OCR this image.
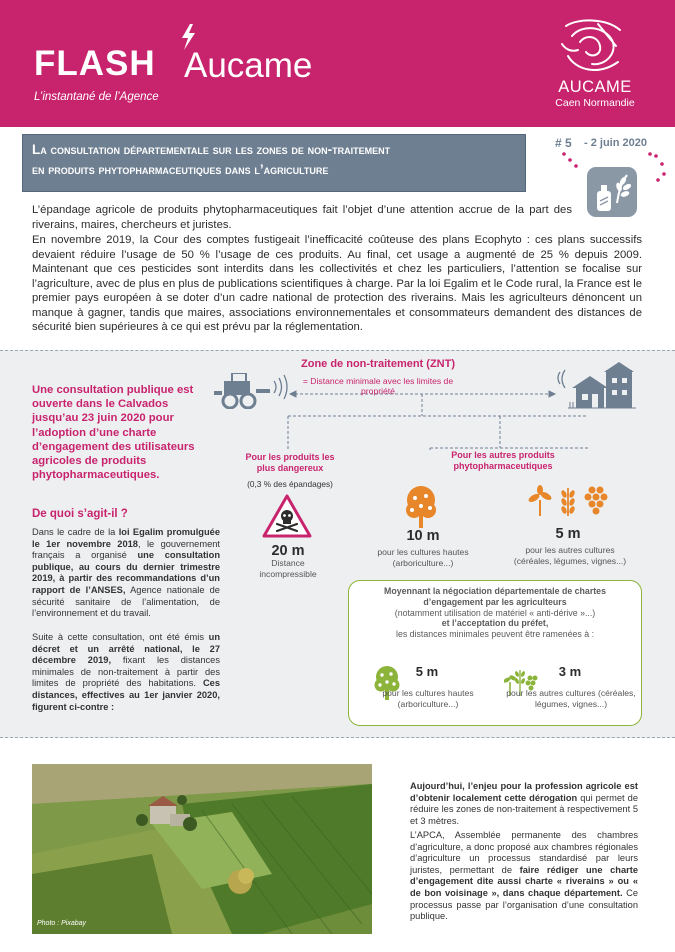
FLASH Aucame
L’instantané de l’Agence
AUCAME
Caen Normandie
La consultation départementale sur les zones de non-traitement
en produits phytopharmaceutiques dans l’agriculture
# 5 - 2 juin 2020

L’épandage agricole de produits phytopharmaceutiques fait l’objet d’une attention accrue de la part des riverains, maires, chercheurs et juristes.

En novembre 2019, la Cour des comptes fustigeait l’inefficacité coûteuse des plans Ecophyto : ces plans successifs devaient réduire l’usage de 50 % l’usage de ces produits. Au final, cet usage a augmenté de 25 % depuis 2009. Maintenant que ces pesticides sont interdits dans les collectivités et chez les particuliers, l’attention se focalise sur l’agriculture, avec de plus en plus de publications scientifiques à charge. Par la loi Egalim et le Code rural, la France est le premier pays européen à se doter d’un cadre national de protection des riverains. Mais les agriculteurs dénoncent un manque à gagner, tandis que maires, associations environnementales et consommateurs demandent des distances de sécurité bien supérieures à ce qui est prévu par la réglementation.

Une consultation publique est ouverte dans le Calvados jusqu’au 23 juin 2020 pour l’adoption d’une charte d’engagement des utilisateurs agricoles de produits phytopharmaceutiques.
De quoi s’agit-il ?

Dans le cadre de la loi Egalim promulguée le 1er novembre 2018, le gouvernement français a organisé une consultation publique, au cours du dernier trimestre 2019, à partir des recommandations d’un rapport de l’ANSES, Agence nationale de sécurité sanitaire de l’alimentation, de l’environnement et du travail.

Suite à cette consultation, ont été émis un décret et un arrêté national, le 27 décembre 2019, fixant les distances minimales de non-traitement à partir des limites de propriété des habitations. Ces distances, effectives au 1er janvier 2020, figurent ci-contre :

Zone de non-traitement (ZNT)
= Distance minimale avec les limites de propriété
Pour les produits les plus dangereux
(0,3 % des épandages)
Pour les autres produits phytopharmaceutiques
20 m
Distance incompressible
10 m
pour les cultures hautes (arboriculture...)
5 m
pour les autres cultures (céréales, légumes, vignes...)
Moyennant la négociation départementale de chartes d’engagement par les agriculteurs
(notamment utilisation de matériel « anti-dérive »...)
et l’acceptation du préfet,
les distances minimales peuvent être ramenées à :
5 m
pour les cultures hautes (arboriculture...)
3 m
pour les autres cultures (céréales, légumes, vignes...)
Photo : Pixabay

Aujourd’hui, l’enjeu pour la profession agricole est d’obtenir localement cette dérogation qui permet de réduire les zones de non-traitement à respectivement 5 et 3 mètres.

L’APCA, Assemblée permanente des chambres d’agriculture, a donc proposé aux chambres régionales d’agriculture un processus standardisé par leurs juristes, permettant de faire rédiger une charte d’engagement dite aussi charte « riverains » ou « de bon voisinage », dans chaque département. Ce processus passe par l’organisation d’une consultation publique.
